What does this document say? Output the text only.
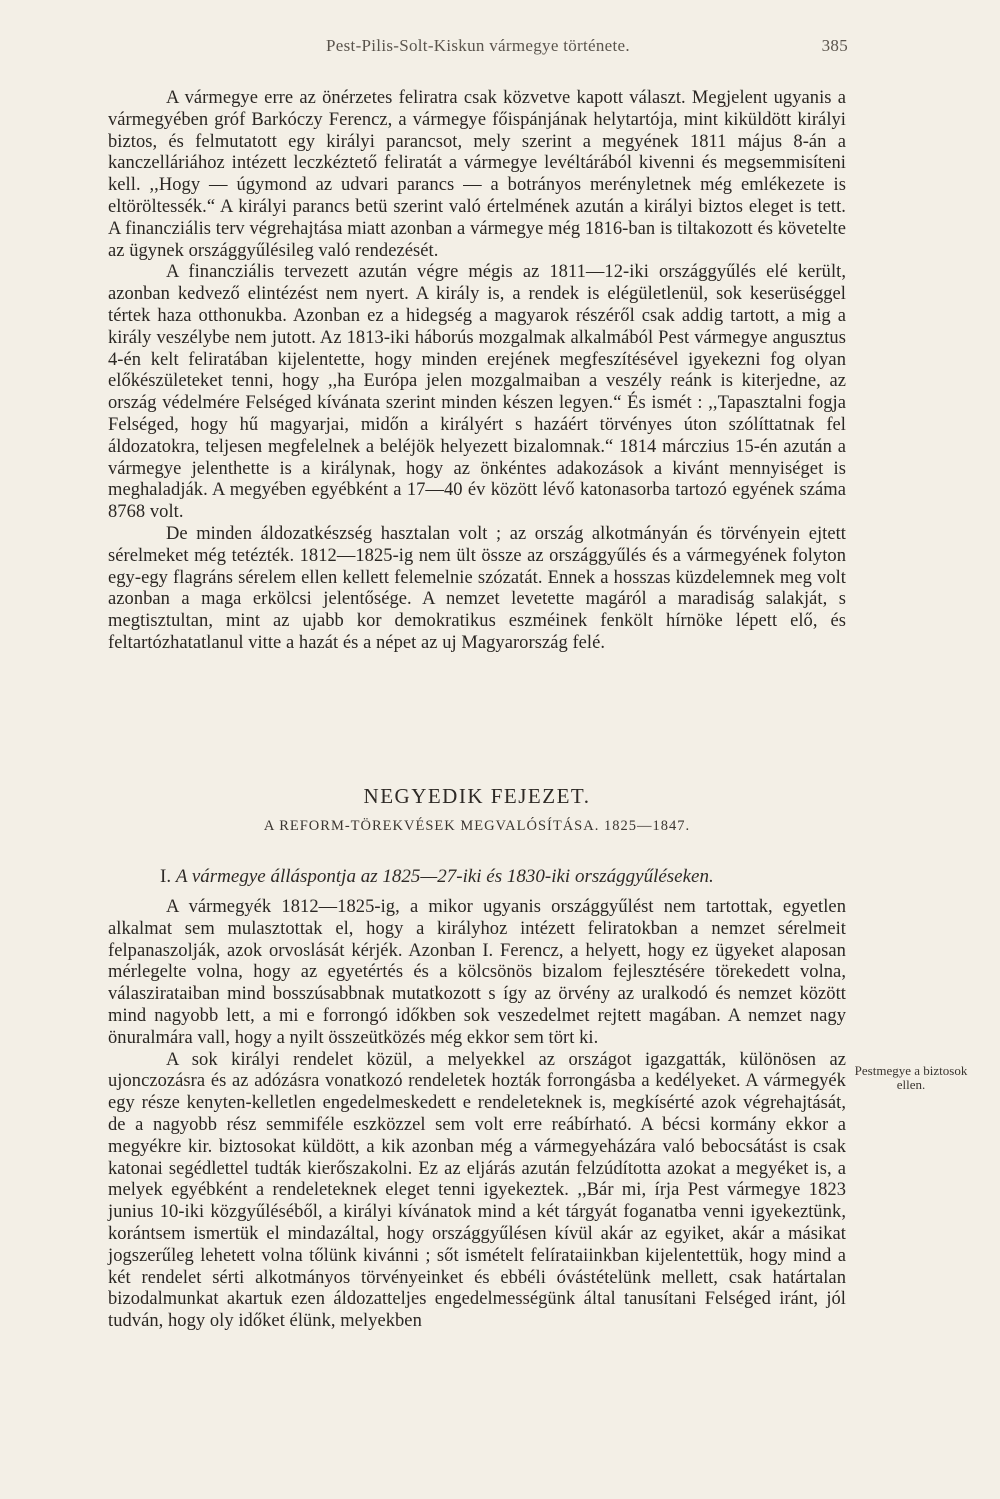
Pest-Pilis-Solt-Kiskun vármegye története.	385

A vármegye erre az önérzetes feliratra csak közvetve kapott választ. Megjelent ugyanis a vármegyében gróf Barkóczy Ferencz, a vármegye főispánjának helytartója, mint kiküldött királyi biztos, és felmutatott egy királyi parancsot, mely szerint a megyének 1811 május 8-án a kanczelláriához intézett leczkéztető feliratát a vármegye levéltárából kivenni és megsemmisíteni kell. ,,Hogy — úgymond az udvari parancs — a botrányos merényletnek még emlékezete is eltöröltessék.“ A királyi parancs betü szerint való értelmének azután a királyi biztos eleget is tett. A financziális terv végrehajtása miatt azonban a vármegye még 1816-ban is tiltakozott és követelte az ügynek országgyűlésileg való rendezését.

A financziális tervezett azután végre mégis az 1811—12-iki országgyűlés elé került, azonban kedvező elintézést nem nyert. A király is, a rendek is elégületlenül, sok keserüséggel tértek haza otthonukba. Azonban ez a hidegség a magyarok részéről csak addig tartott, a mig a király veszélybe nem jutott. Az 1813-iki háborús mozgalmak alkalmából Pest vármegye angusztus 4-én kelt feliratában kijelentette, hogy minden erejének megfeszítésével igyekezni fog olyan előkészületeket tenni, hogy ,,ha Európa jelen mozgalmaiban a veszély reánk is kiterjedne, az ország védelmére Felséged kívánata szerint minden készen legyen.“ És ismét : ,,Tapasztalni fogja Felséged, hogy hű magyarjai, midőn a királyért s hazáért törvényes úton szólíttatnak fel áldozatokra, teljesen megfelelnek a beléjök helyezett bizalomnak.“ 1814 márczius 15-én azután a vármegye jelenthette is a királynak, hogy az önkéntes adakozások a kivánt mennyiséget is meghaladják. A megyében egyébként a 17—40 év között lévő katonasorba tartozó egyének száma 8768 volt.

De minden áldozatkészség hasztalan volt ; az ország alkotmányán és törvényein ejtett sérelmeket még tetézték. 1812—1825-ig nem ült össze az országgyűlés és a vármegyének folyton egy-egy flagráns sérelem ellen kellett felemelnie szózatát. Ennek a hosszas küzdelemnek meg volt azonban a maga erkölcsi jelentősége. A nemzet levetette magáról a maradiság salakját, s megtisztultan, mint az ujabb kor demokratikus eszméinek fenkölt hírnöke lépett elő, és feltartózhatatlanul vitte a hazát és a népet az uj Magyarország felé.

NEGYEDIK FEJEZET.
A REFORM-TÖREKVÉSEK MEGVALÓSÍTÁSA. 1825—1847.
I. A vármegye álláspontja az 1825—27-iki és 1830-iki országgyűléseken.

A vármegyék 1812—1825-ig, a mikor ugyanis országgyűlést nem tartottak, egyetlen alkalmat sem mulasztottak el, hogy a királyhoz intézett feliratokban a nemzet sérelmeit felpanaszolják, azok orvoslását kérjék. Azonban I. Ferencz, a helyett, hogy ez ügyeket alaposan mérlegelte volna, hogy az egyetértés és a kölcsönös bizalom fejlesztésére törekedett volna, válaszirataiban mind bosszúsabbnak mutatkozott s így az örvény az uralkodó és nemzet között mind nagyobb lett, a mi e forrongó időkben sok veszedelmet rejtett magában. A nemzet nagy önuralmára vall, hogy a nyilt összeütközés még ekkor sem tört ki.

A sok királyi rendelet közül, a melyekkel az országot igazgatták, különösen az ujonczozásra és az adózásra vonatkozó rendeletek hozták forrongásba a kedélyeket. A vármegyék egy része kenyten-kelletlen engedelmeskedett e rendeleteknek is, megkísérté azok végrehajtását, de a nagyobb rész semmiféle eszközzel sem volt erre reábírható. A bécsi kormány ekkor a megyékre kir. biztosokat küldött, a kik azonban még a vármegyeházára való bebocsátást is csak katonai segédlettel tudták kierőszakolni. Ez az eljárás azután felzúdította azokat a megyéket is, a melyek egyébként a rendeleteknek eleget tenni igyekeztek. ,,Bár mi, írja Pest vármegye 1823 junius 10-iki közgyűléséből, a királyi kívánatok mind a két tárgyát foganatba venni igyekeztünk, korántsem ismertük el mindazáltal, hogy országgyűlésen kívül akár az egyiket, akár a másikat jogszerűleg lehetett volna tőlünk kivánni ; sőt ismételt felírataiinkban kijelentettük, hogy mind a két rendelet sérti alkotmányos törvényeinket és ebbéli óvástételünk mellett, csak határtalan bizodalmunkat akartuk ezen áldozatteljes engedelmességünk által tanusítani Felséged iránt, jól tudván, hogy oly időket élünk, melyekben

Pestmegye a biztosok ellen.
